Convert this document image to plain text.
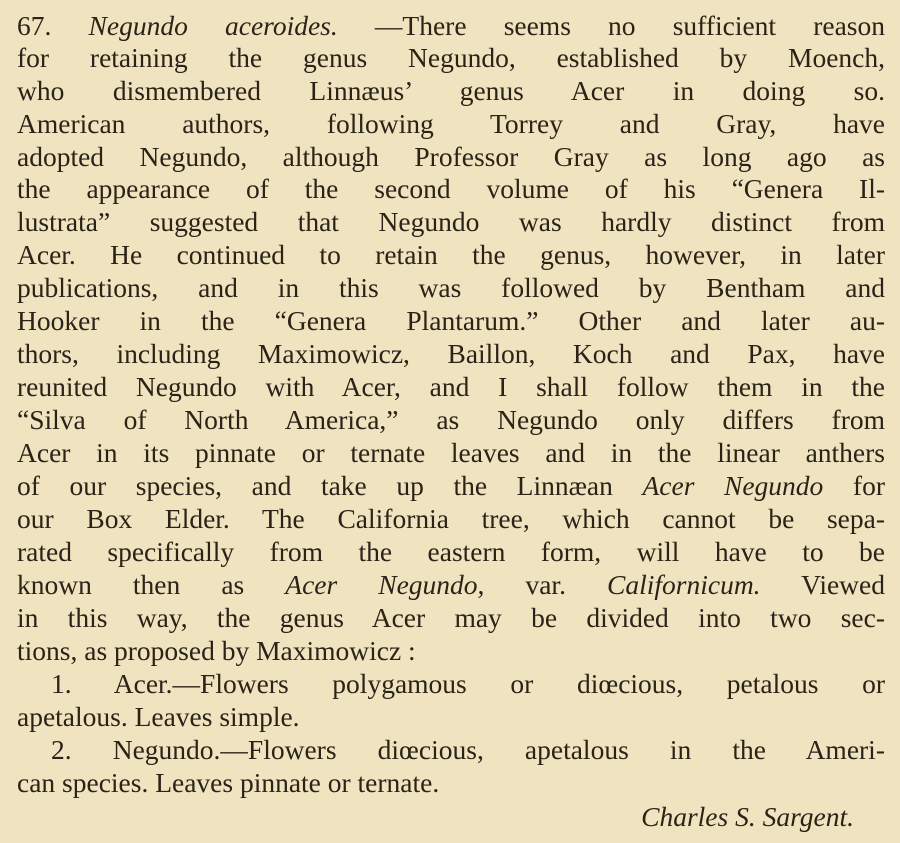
67. Negundo aceroides. —There seems no sufficient reason
for retaining the genus Negundo, established by Moench,
who dismembered Linnæus’ genus Acer in doing so.
American authors, following Torrey and Gray, have
adopted Negundo, although Professor Gray as long ago as
the appearance of the second volume of his “Genera Il-
lustrata” suggested that Negundo was hardly distinct from
Acer. He continued to retain the genus, however, in later
publications, and in this was followed by Bentham and
Hooker in the “Genera Plantarum.” Other and later au-
thors, including Maximowicz, Baillon, Koch and Pax, have
reunited Negundo with Acer, and I shall follow them in the
“Silva of North America,” as Negundo only differs from
Acer in its pinnate or ternate leaves and in the linear anthers
of our species, and take up the Linnæan Acer Negundo for
our Box Elder. The California tree, which cannot be sepa-
rated specifically from the eastern form, will have to be
known then as Acer Negundo, var. Californicum. Viewed
in this way, the genus Acer may be divided into two sec-
tions, as proposed by Maximowicz :
1. Acer.—Flowers polygamous or diœcious, petalous or
apetalous. Leaves simple.
2. Negundo.—Flowers diœcious, apetalous in the Ameri-
can species. Leaves pinnate or ternate.
Charles S. Sargent.
